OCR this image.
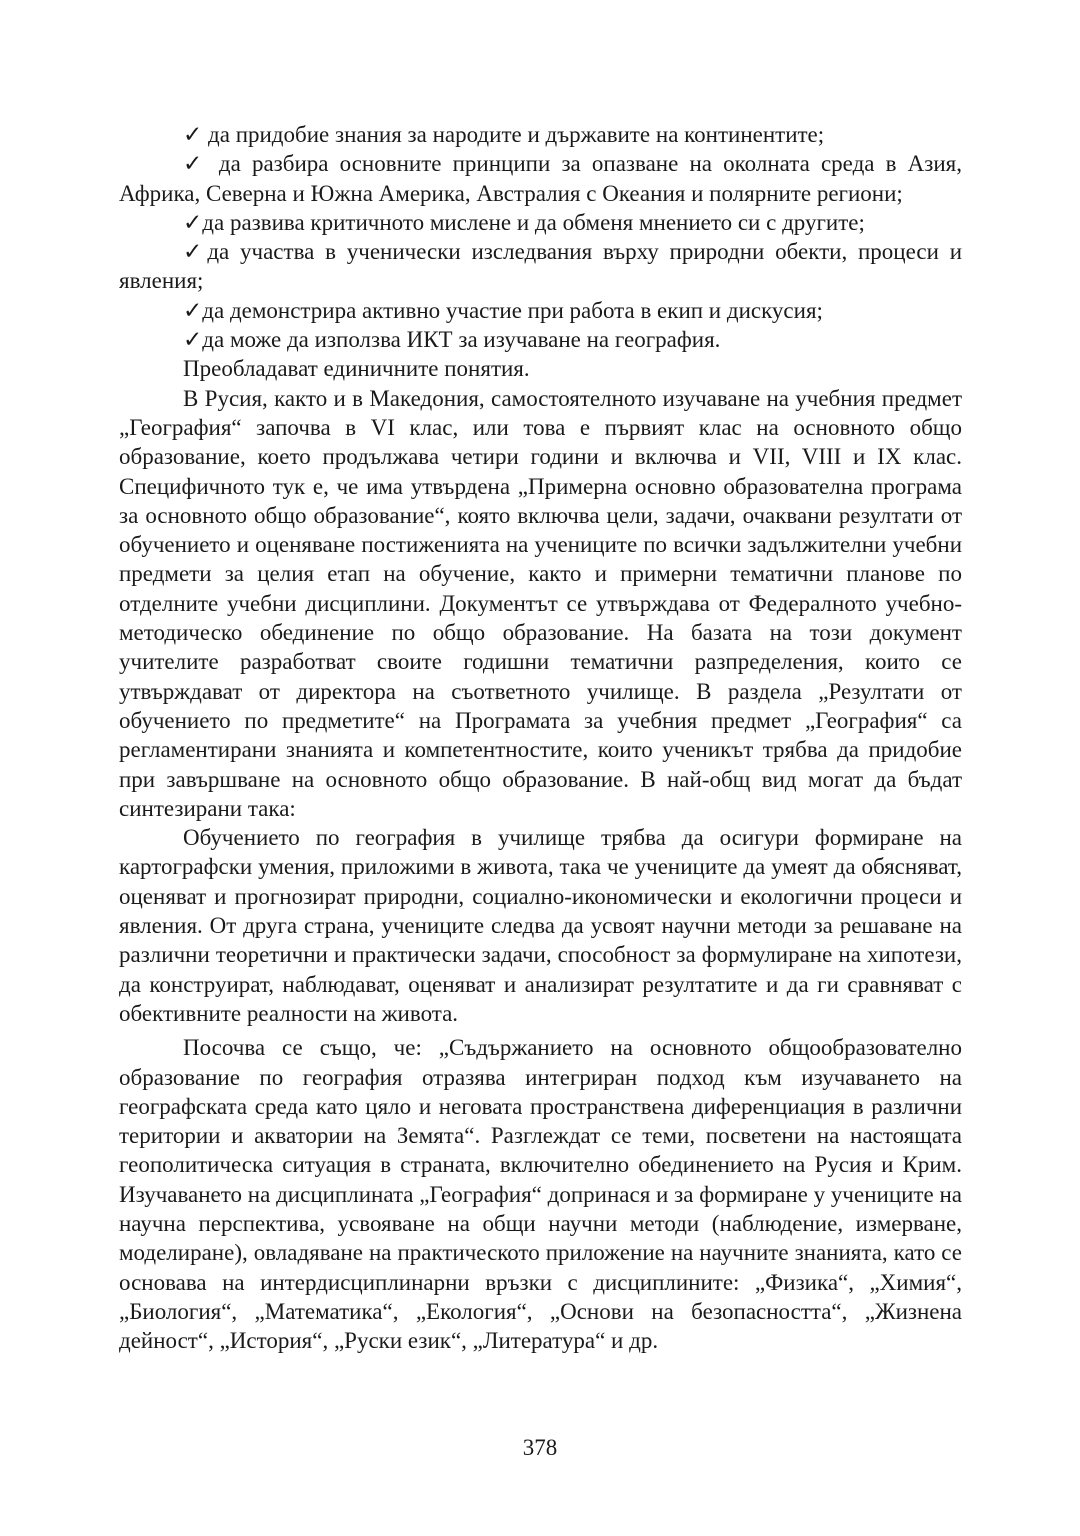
✓ да придобие знания за народите и държавите на континентите;

✓ да разбира основните принципи за опазване на околната среда в Азия, Африка, Северна и Южна Америка, Австралия с Океания и полярните региони;

✓да развива критичното мислене и да обменя мнението си с другите;

✓да участва в ученически изследвания върху природни обекти, процеси и явления;

✓да демонстрира активно участие при работа в екип и дискусия;

✓да може да използва ИКТ за изучаване на география.

Преобладават единичните понятия.

В Русия, както и в Македония, самостоятелното изучаване на учебния предмет „География“ започва в VI клас, или това е първият клас на основното общо образование, което продължава четири години и включва и VII, VIII и IX клас. Специфичното тук е, че има утвърдена „Примерна основно образователна програма за основното общо образование“, която включва цели, задачи, очаквани резултати от обучението и оценяване постиженията на учениците по всички задължителни учебни предмети за целия етап на обучение, както и примерни тематични планове по отделните учебни дисциплини. Документът се утвърждава от Федералното учебно-методическо обединение по общо образование. На базата на този документ учителите разработват своите годишни тематични разпределения, които се утвърждават от директора на съответното училище. В раздела „Резултати от обучението по предметите“ на Програмата за учебния предмет „География“ са регламентирани знанията и компетентностите, които ученикът трябва да придобие при завършване на основното общо образование. В най-общ вид могат да бъдат синтезирани така:

Обучението по география в училище трябва да осигури формиране на картографски умения, приложими в живота, така че учениците да умеят да обясняват, оценяват и прогнозират природни, социално-икономически и екологични процеси и явления. От друга страна, учениците следва да усвоят научни методи за решаване на различни теоретични и практически задачи, способност за формулиране на хипотези, да конструират, наблюдават, оценяват и анализират резултатите и да ги сравняват с обективните реалности на живота.

Посочва се също, че: „Съдържанието на основното общообразователно образование по география отразява интегриран подход към изучаването на географската среда като цяло и неговата пространствена диференциация в различни територии и акватории на Земята“. Разглеждат се теми, посветени на настоящата геополитическа ситуация в страната, включително обединението на Русия и Крим. Изучаването на дисциплината „География“ допринася и за формиране у учениците на научна перспектива, усвояване на общи научни методи (наблюдение, измерване, моделиране), овладяване на практическото приложение на научните знанията, като се основава на интердисциплинарни връзки с дисциплините: „Физика“, „Химия“, „Биология“, „Математика“, „Екология“, „Основи на безопасността“, „Жизнена дейност“, „История“, „Руски език“, „Литература“ и др.

378
